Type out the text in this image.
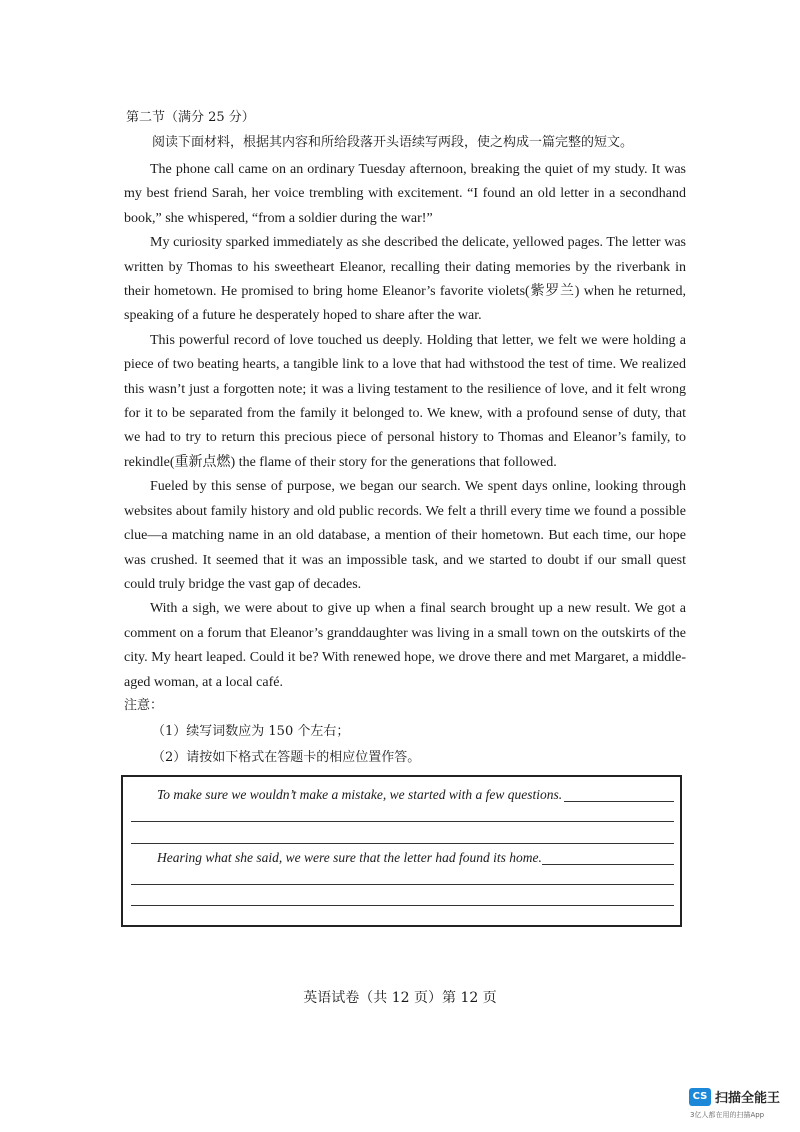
第二节（满分 25 分）
阅读下面材料，根据其内容和所给段落开头语续写两段，使之构成一篇完整的短文。

The phone call came on an ordinary Tuesday afternoon, breaking the quiet of my study. It was my best friend Sarah, her voice trembling with excitement. “I found an old letter in a secondhand book,” she whispered, “from a soldier during the war!”

My curiosity sparked immediately as she described the delicate, yellowed pages. The letter was written by Thomas to his sweetheart Eleanor, recalling their dating memories by the riverbank in their hometown. He promised to bring home Eleanor’s favorite violets(紫罗兰) when he returned, speaking of a future he desperately hoped to share after the war.

This powerful record of love touched us deeply. Holding that letter, we felt we were holding a piece of two beating hearts, a tangible link to a love that had withstood the test of time. We realized this wasn’t just a forgotten note; it was a living testament to the resilience of love, and it felt wrong for it to be separated from the family it belonged to. We knew, with a profound sense of duty, that we had to try to return this precious piece of personal history to Thomas and Eleanor’s family, to rekindle(重新点燃) the flame of their story for the generations that followed.

Fueled by this sense of purpose, we began our search. We spent days online, looking through websites about family history and old public records. We felt a thrill every time we found a possible clue—a matching name in an old database, a mention of their hometown. But each time, our hope was crushed. It seemed that it was an impossible task, and we started to doubt if our small quest could truly bridge the vast gap of decades.

With a sigh, we were about to give up when a final search brought up a new result. We got a comment on a forum that Eleanor’s granddaughter was living in a small town on the outskirts of the city. My heart leaped. Could it be? With renewed hope, we drove there and met Margaret, a middle-aged woman, at a local café.

注意：
（1）续写词数应为 150 个左右；
（2）请按如下格式在答题卡的相应位置作答。
To make sure we wouldn’t make a mistake, we started with a few questions.
Hearing what she said, we were sure that the letter had found its home.
英语试卷（共 12 页）第 12 页
CS 扫描全能王
3亿人都在用的扫描App
